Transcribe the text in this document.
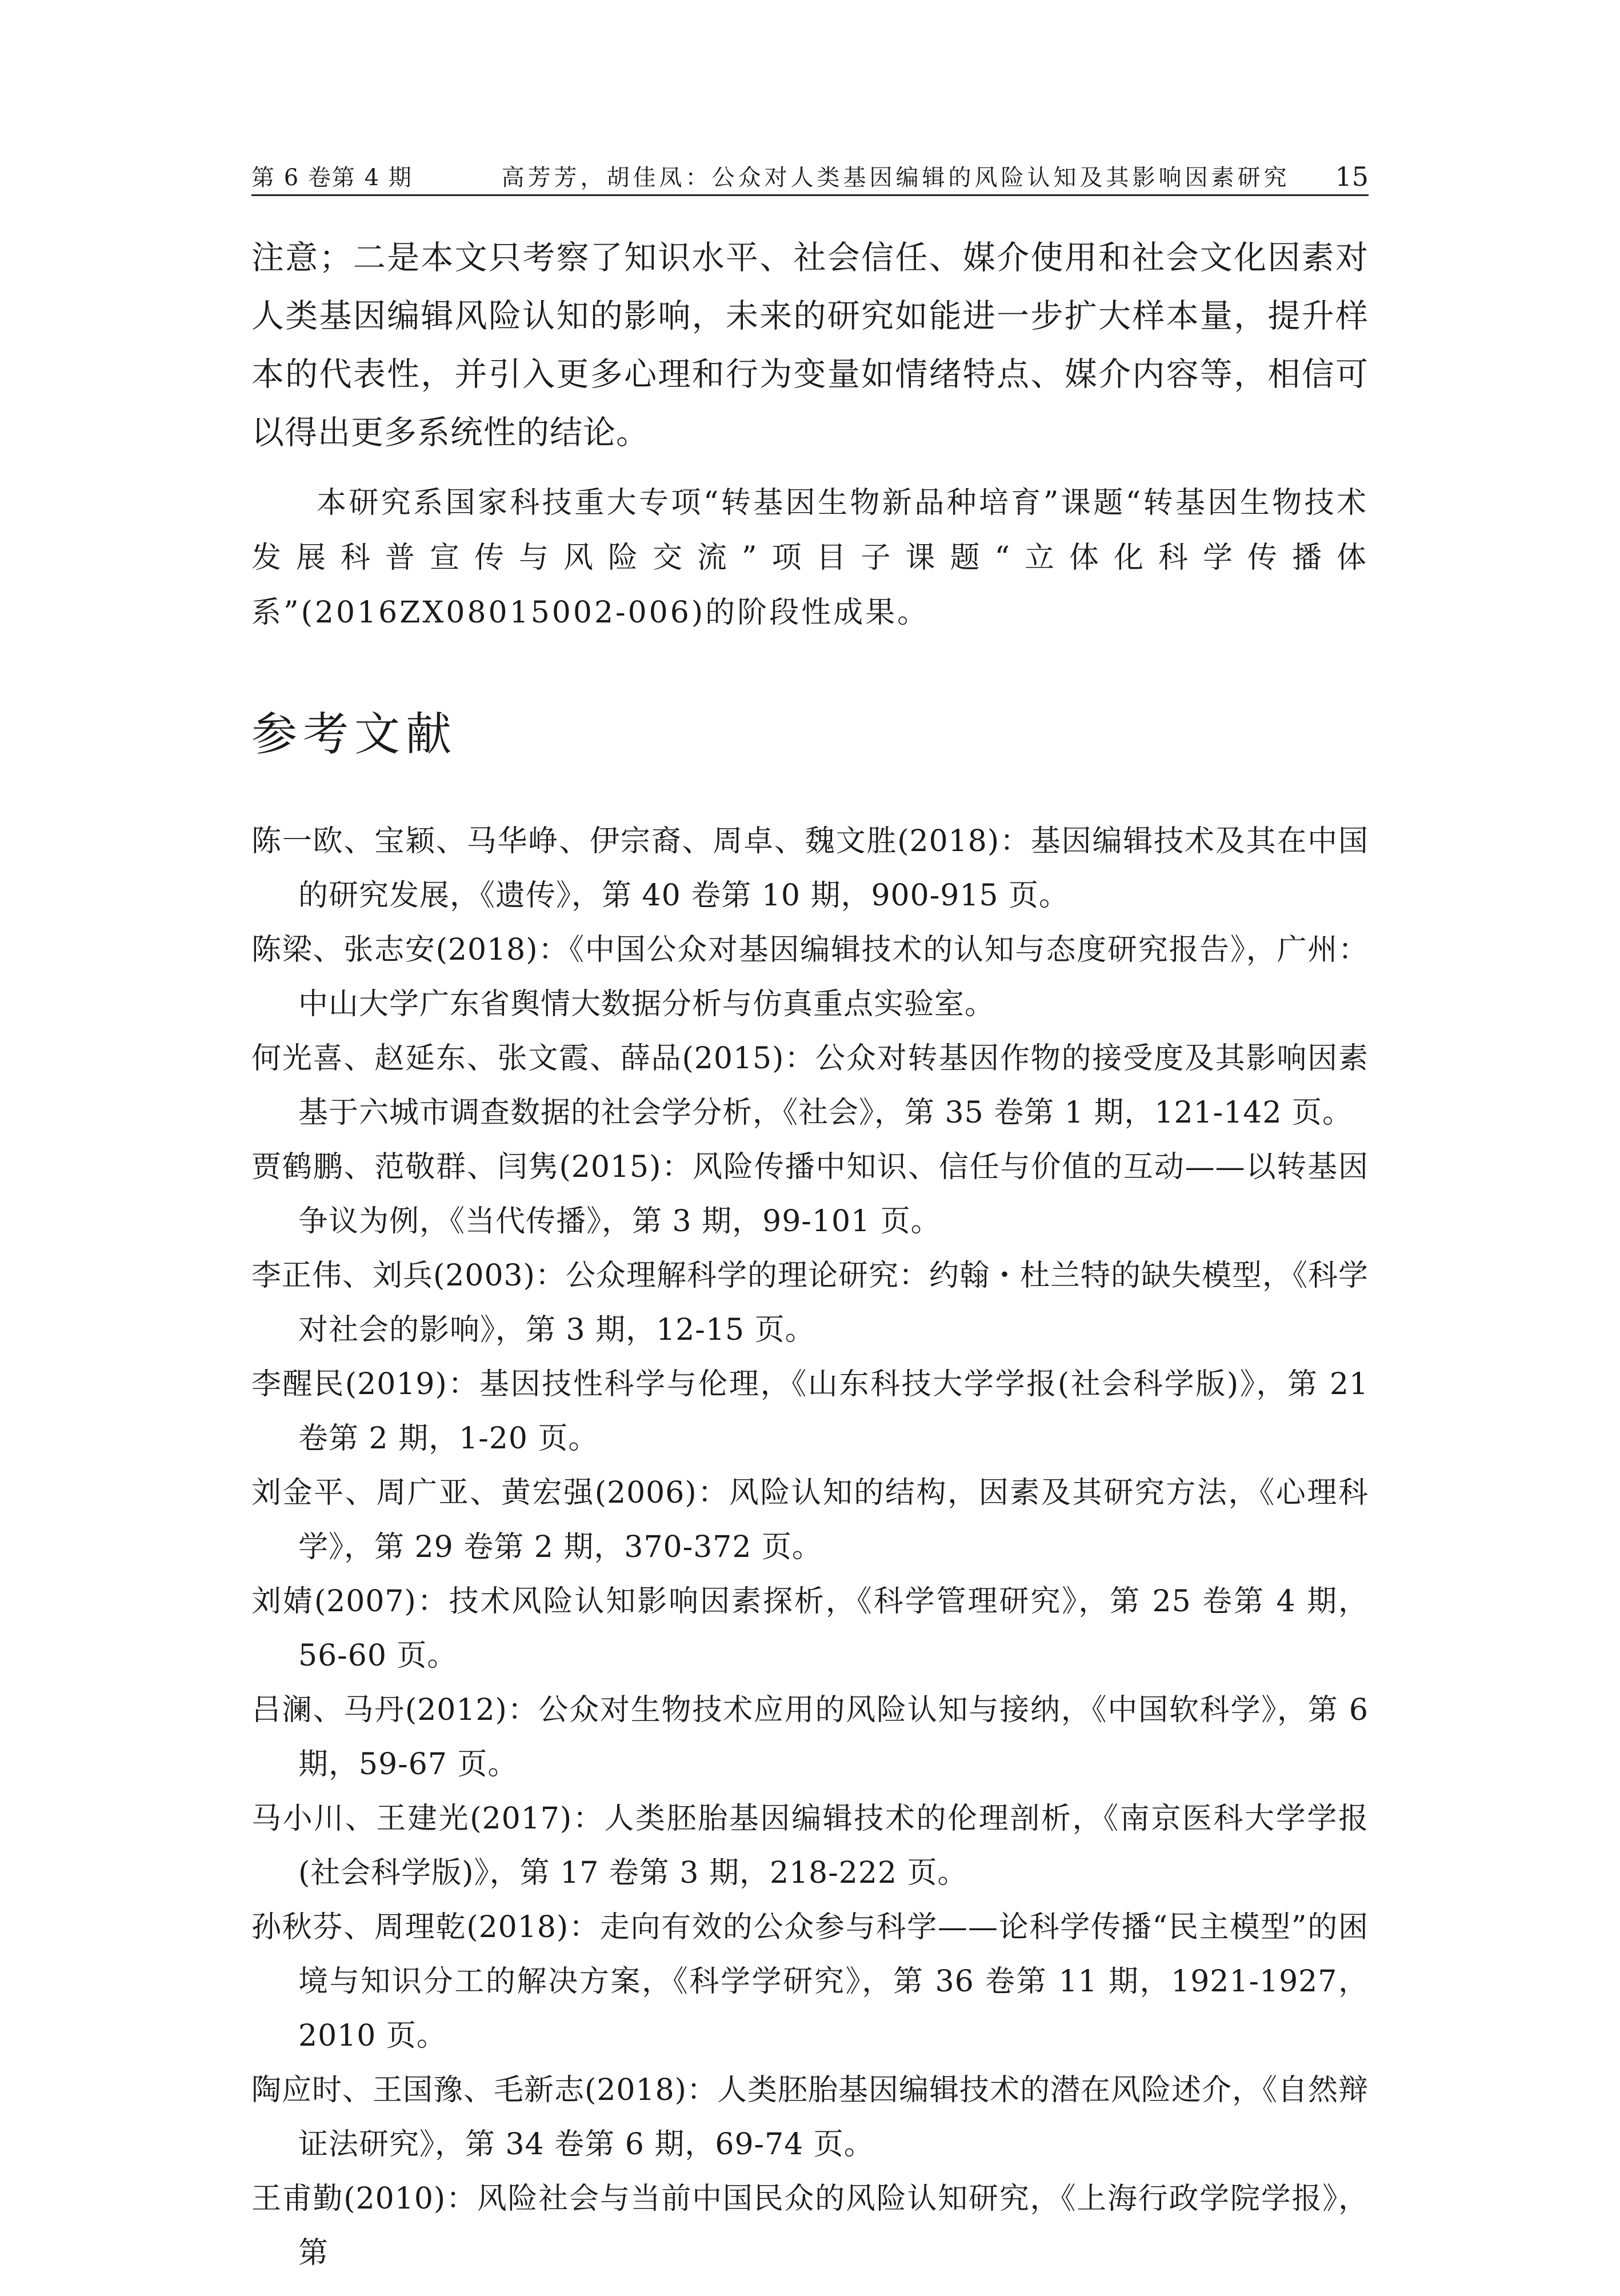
第 6 卷第 4 期	高芳芳，胡佳凤：公众对人类基因编辑的风险认知及其影响因素研究	15

注意；二是本文只考察了知识水平、社会信任、媒介使用和社会文化因素对人类基因编辑风险认知的影响，未来的研究如能进一步扩大样本量，提升样本的代表性，并引入更多心理和行为变量如情绪特点、媒介内容等，相信可以得出更多系统性的结论。

本研究系国家科技重大专项“转基因生物新品种培育”课题“转基因生物技术发展科普宣传与风险交流”项目子课题“立体化科学传播体系”(2016ZX08015002-006)的阶段性成果。

参考文献
陈一欧、宝颖、马华峥、伊宗裔、周卓、魏文胜(2018)：基因编辑技术及其在中国的研究发展，《遗传》，第 40 卷第 10 期，900-915 页。
陈梁、张志安(2018)：《中国公众对基因编辑技术的认知与态度研究报告》，广州：中山大学广东省舆情大数据分析与仿真重点实验室。
何光喜、赵延东、张文霞、薛品(2015)：公众对转基因作物的接受度及其影响因素基于六城市调查数据的社会学分析，《社会》，第 35 卷第 1 期，121-142 页。
贾鹤鹏、范敬群、闫隽(2015)：风险传播中知识、信任与价值的互动——以转基因争议为例，《当代传播》，第 3 期，99-101 页。
李正伟、刘兵(2003)：公众理解科学的理论研究：约翰・杜兰特的缺失模型，《科学对社会的影响》，第 3 期，12-15 页。
李醒民(2019)：基因技性科学与伦理，《山东科技大学学报(社会科学版)》，第 21 卷第 2 期，1-20 页。
刘金平、周广亚、黄宏强(2006)：风险认知的结构，因素及其研究方法，《心理科学》，第 29 卷第 2 期，370-372 页。
刘婧(2007)：技术风险认知影响因素探析，《科学管理研究》，第 25 卷第 4 期，56-60 页。
吕澜、马丹(2012)：公众对生物技术应用的风险认知与接纳，《中国软科学》，第 6 期，59-67 页。
马小川、王建光(2017)：人类胚胎基因编辑技术的伦理剖析，《南京医科大学学报(社会科学版)》，第 17 卷第 3 期，218-222 页。
孙秋芬、周理乾(2018)：走向有效的公众参与科学——论科学传播“民主模型”的困境与知识分工的解决方案，《科学学研究》，第 36 卷第 11 期，1921-1927，2010 页。
陶应时、王国豫、毛新志(2018)：人类胚胎基因编辑技术的潜在风险述介，《自然辩证法研究》，第 34 卷第 6 期，69-74 页。
王甫勤(2010)：风险社会与当前中国民众的风险认知研究，《上海行政学院学报》，第
